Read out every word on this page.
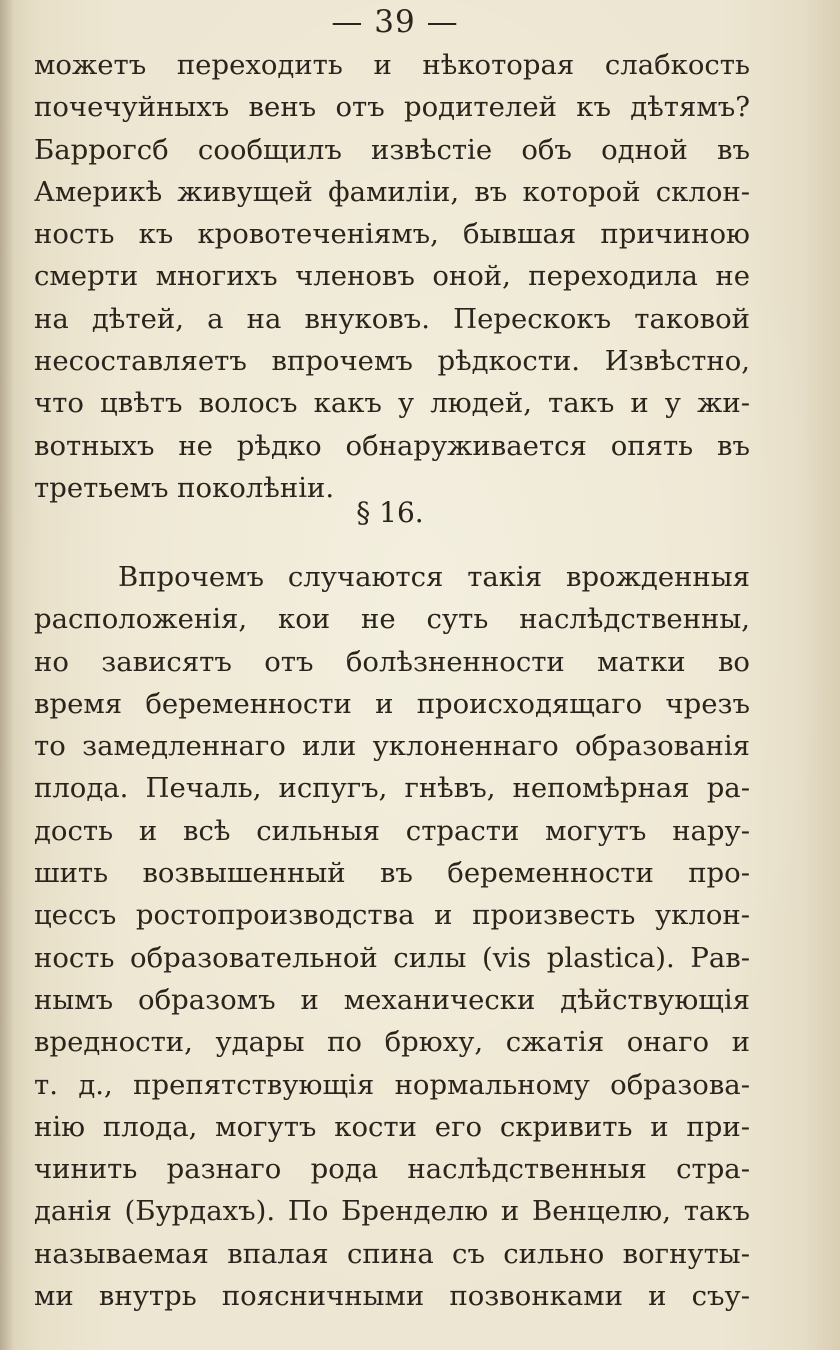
— 39 —
можетъ переходить и нѣкоторая слабкость
почечуйныхъ венъ отъ родителей къ дѣтямъ?
Баррогсб сообщилъ извѣстіе объ одной въ
Америкѣ живущей фамиліи, въ которой склон-
ность къ кровотеченіямъ, бывшая причиною
смерти многихъ членовъ оной, переходила не
на дѣтей, а на внуковъ. Перескокъ таковой
несоставляетъ впрочемъ рѣдкости. Извѣстно,
что цвѣтъ волосъ какъ у людей, такъ и у жи-
вотныхъ не рѣдко обнаруживается опять въ
третьемъ поколѣніи.
§ 16.
Впрочемъ случаются такія врожденныя
расположенія, кои не суть наслѣдственны,
но зависятъ отъ болѣзненности матки во
время беременности и происходящаго чрезъ
то замедленнаго или уклоненнаго образованія
плода. Печаль, испугъ, гнѣвъ, непомѣрная ра-
дость и всѣ сильныя страсти могутъ нару-
шить возвышенный въ беременности про-
цессъ ростопроизводства и произвесть уклон-
ность образовательной силы (vis plastica). Рав-
нымъ образомъ и механически дѣйствующія
вредности, удары по брюху, сжатія онаго и
т. д., препятствующія нормальному образова-
нію плода, могутъ кости его скривить и при-
чинить разнаго рода наслѣдственныя стра-
данія (Бурдахъ). По Бренделю и Венцелю, такъ
называемая впалая спина съ сильно вогнуты-
ми внутрь поясничными позвонками и съу-
